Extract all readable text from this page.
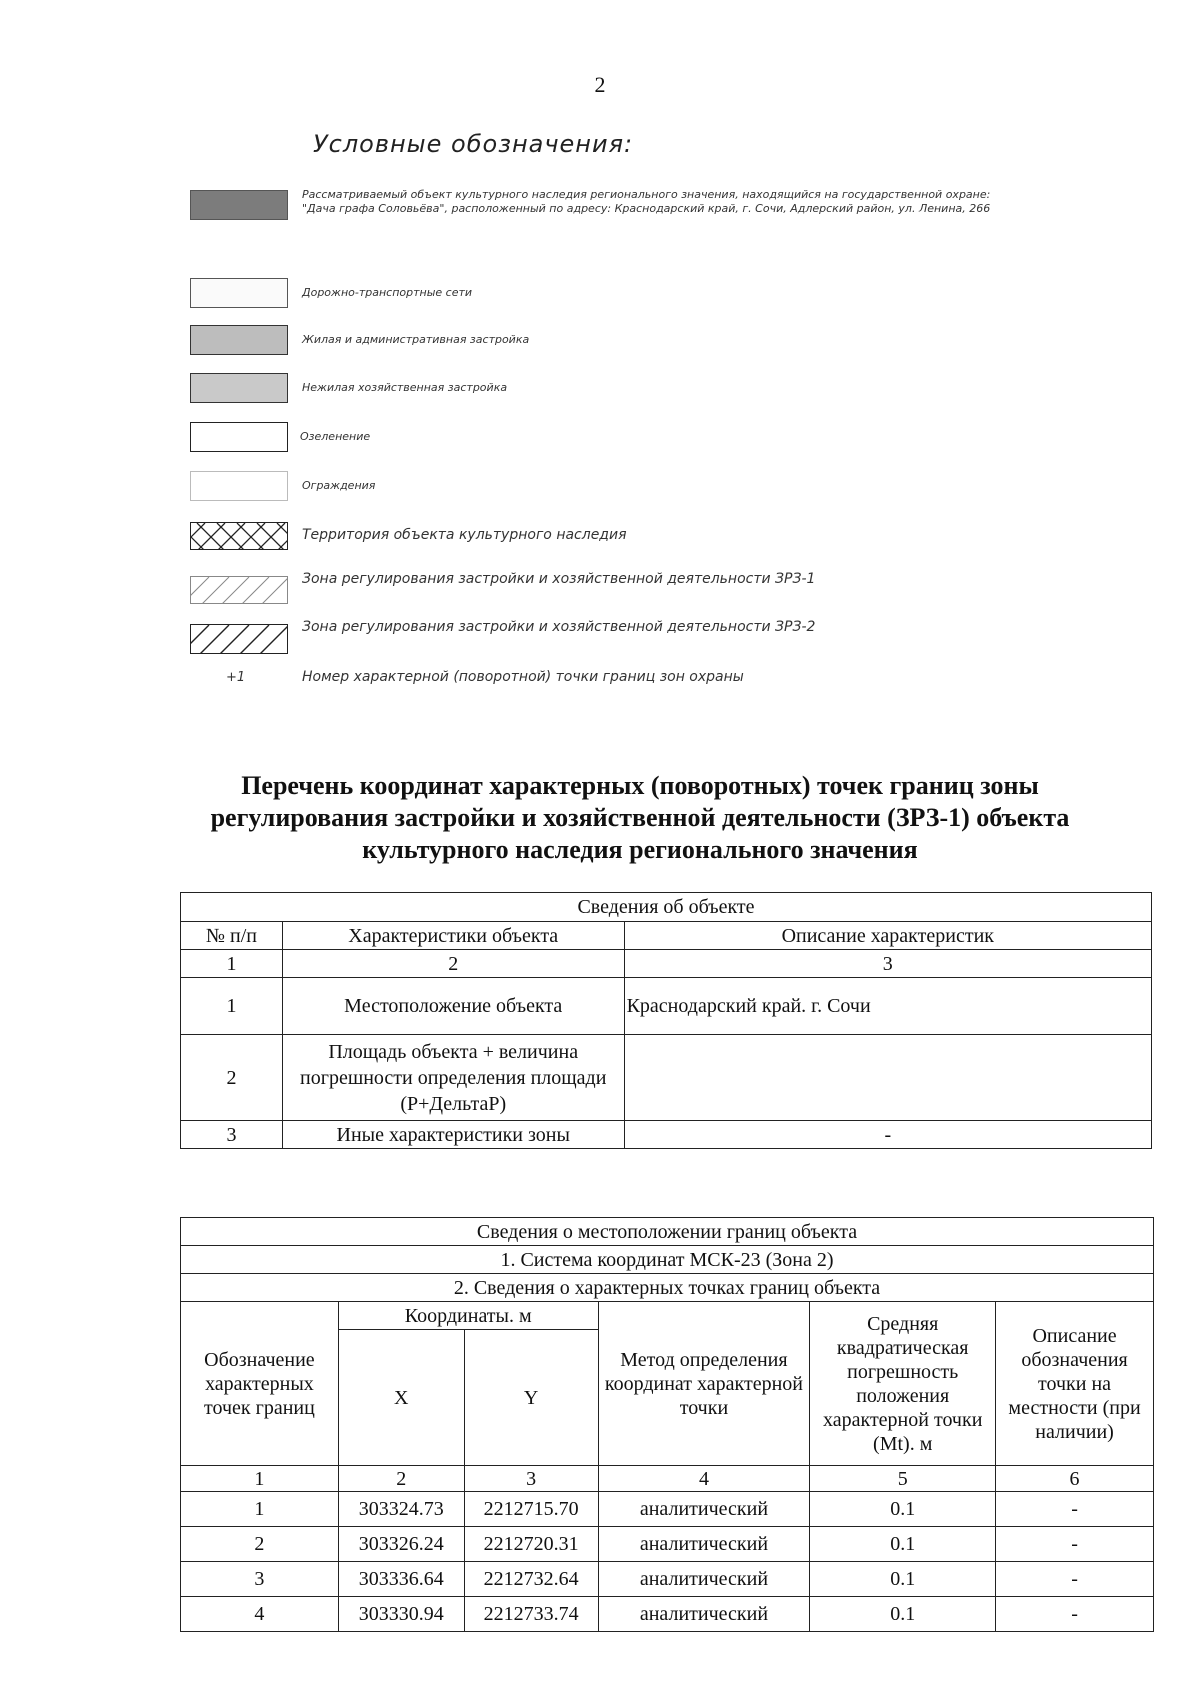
2
Условные обозначения:
Рассматриваемый объект культурного наследия регионального значения, находящийся на государственной охране: "Дача графа Соловьёва", расположенный по адресу: Краснодарский край, г. Сочи, Адлерский район, ул. Ленина, 266
Дорожно-транспортные сети
Жилая и административная застройка
Нежилая хозяйственная застройка
Озеленение
Ограждения
Территория объекта культурного наследия
Зона регулирования застройки и хозяйственной деятельности ЗРЗ-1
Зона регулирования застройки и хозяйственной деятельности ЗРЗ-2
+1	Номер характерной (поворотной) точки границ зон охраны
Перечень координат характерных (поворотных) точек границ зоны регулирования застройки и хозяйственной деятельности (ЗРЗ-1) объекта культурного наследия регионального значения
Сведения об объекте		
№ п/п	Характеристики объекта	Описание характеристик
1	2	3
1	Местоположение объекта	Краснодарский край. г. Сочи
2	Площадь объекта + величина погрешности определения площади (P+ДельтаP)	
3	Иные характеристики зоны	-
Сведения о местоположении границ объекта					
1. Система координат МСК-23 (Зона 2)					
2. Сведения о характерных точках границ объекта					
Обозначение характерных точек границ	Координаты. м		Метод определения координат характерной точки	Средняя квадратическая погрешность положения характерной точки (Mt). м	Описание обозначения точки на местности (при наличии)
	X	Y			
1	2	3	4	5	6
1	303324.73	2212715.70	аналитический	0.1	-
2	303326.24	2212720.31	аналитический	0.1	-
3	303336.64	2212732.64	аналитический	0.1	-
4	303330.94	2212733.74	аналитический	0.1	-
